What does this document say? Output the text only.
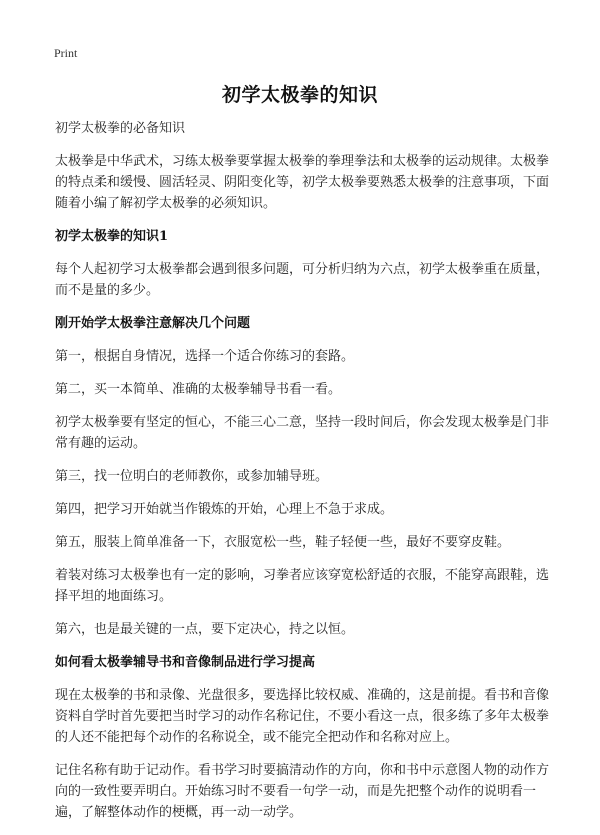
Print
初学太极拳的知识
初学太极拳的必备知识
太极拳是中华武术，习练太极拳要掌握太极拳的拳理拳法和太极拳的运动规律。太极拳的特点柔和缓慢、圆活轻灵、阴阳变化等，初学太极拳要熟悉太极拳的注意事项，下面随着小编了解初学太极拳的必须知识。
初学太极拳的知识1
每个人起初学习太极拳都会遇到很多问题，可分析归纳为六点，初学太极拳重在质量，而不是量的多少。
刚开始学太极拳注意解决几个问题
第一，根据自身情况，选择一个适合你练习的套路。
第二，买一本简单、准确的太极拳辅导书看一看。
初学太极拳要有坚定的恒心，不能三心二意，坚持一段时间后，你会发现太极拳是门非常有趣的运动。
第三，找一位明白的老师教你，或参加辅导班。
第四，把学习开始就当作锻炼的开始，心理上不急于求成。
第五，服装上简单准备一下，衣服宽松一些，鞋子轻便一些，最好不要穿皮鞋。
着装对练习太极拳也有一定的影响，习拳者应该穿宽松舒适的衣服，不能穿高跟鞋，选择平坦的地面练习。
第六，也是最关键的一点，要下定决心，持之以恒。
如何看太极拳辅导书和音像制品进行学习提高
现在太极拳的书和录像、光盘很多，要选择比较权威、准确的，这是前提。看书和音像资料自学时首先要把当时学习的动作名称记住，不要小看这一点，很多练了多年太极拳的人还不能把每个动作的名称说全，或不能完全把动作和名称对应上。
记住名称有助于记动作。看书学习时要搞清动作的方向，你和书中示意图人物的动作方向的一致性要弄明白。开始练习时不要看一句学一动，而是先把整个动作的说明看一遍，了解整体动作的梗概，再一动一动学。
